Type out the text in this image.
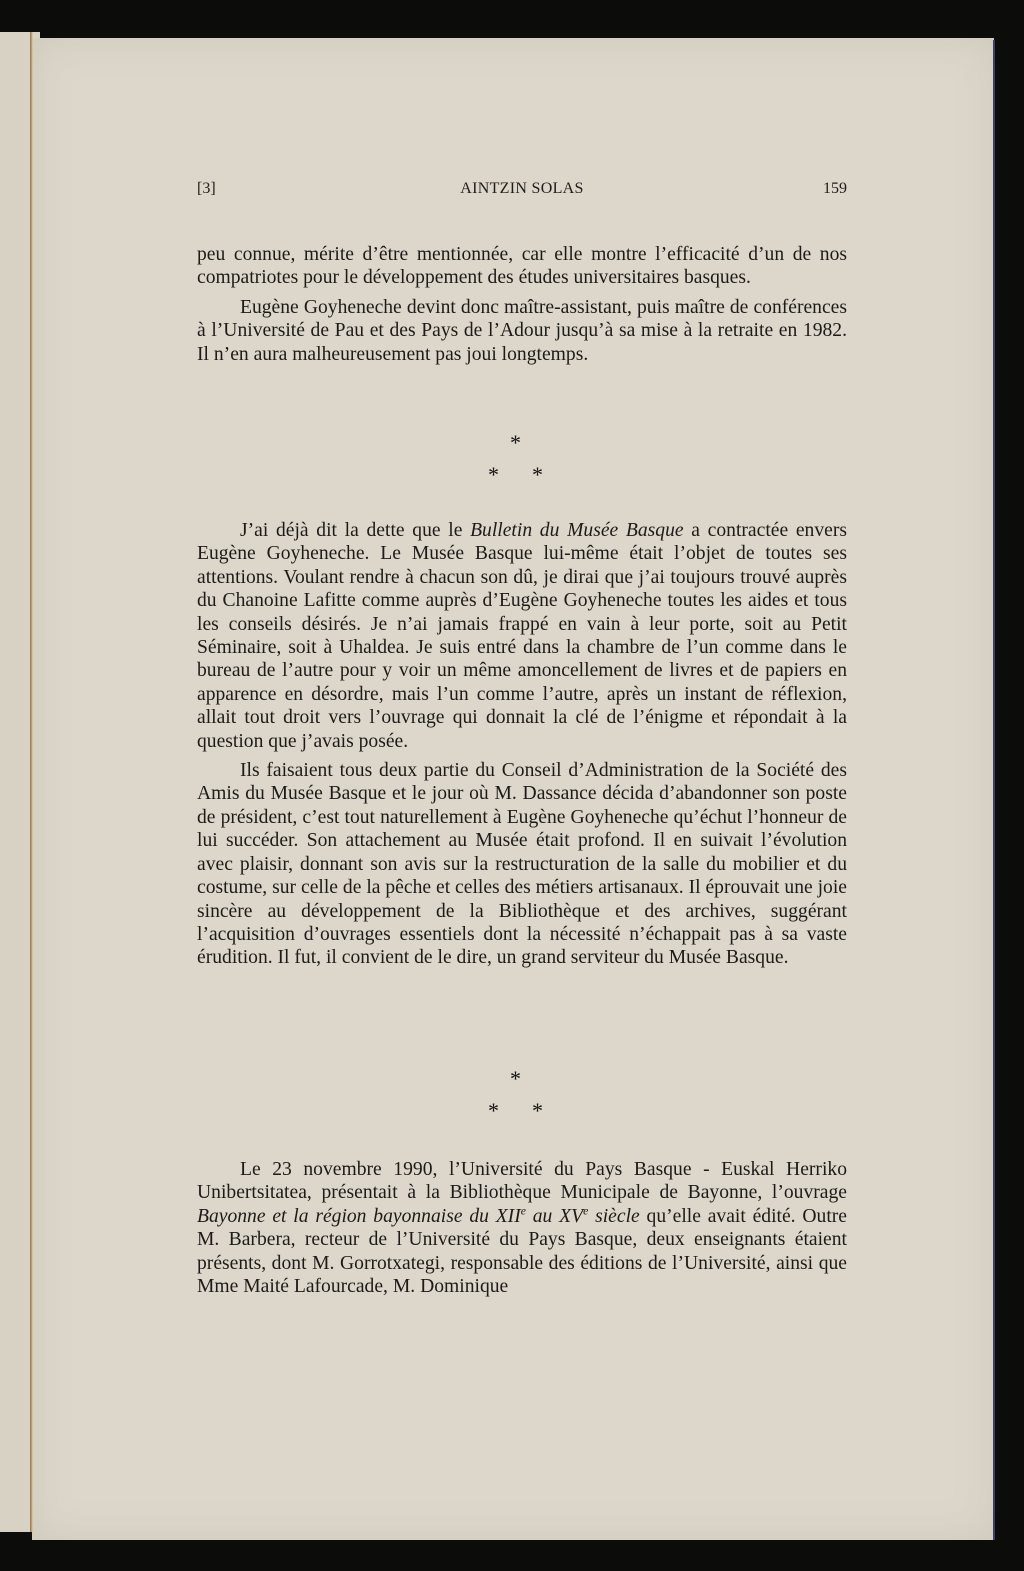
[3]	AINTZIN SOLAS	159

peu connue, mérite d’être mentionnée, car elle montre l’efficacité d’un de nos compatriotes pour le développement des études universitaires basques.

Eugène Goyheneche devint donc maître-assistant, puis maître de conférences à l’Université de Pau et des Pays de l’Adour jusqu’à sa mise à la retraite en 1982. Il n’en aura malheureusement pas joui longtemps.

*
* *

J’ai déjà dit la dette que le Bulletin du Musée Basque a contractée envers Eugène Goyheneche. Le Musée Basque lui-même était l’objet de toutes ses attentions. Voulant rendre à chacun son dû, je dirai que j’ai toujours trouvé auprès du Chanoine Lafitte comme auprès d’Eugène Goyheneche toutes les aides et tous les conseils désirés. Je n’ai jamais frappé en vain à leur porte, soit au Petit Séminaire, soit à Uhaldea. Je suis entré dans la chambre de l’un comme dans le bureau de l’autre pour y voir un même amoncellement de livres et de papiers en apparence en désordre, mais l’un comme l’autre, après un instant de réflexion, allait tout droit vers l’ouvrage qui donnait la clé de l’énigme et répondait à la question que j’avais posée.

Ils faisaient tous deux partie du Conseil d’Administration de la Société des Amis du Musée Basque et le jour où M. Dassance décida d’abandonner son poste de président, c’est tout naturellement à Eugène Goyheneche qu’échut l’honneur de lui succéder. Son attachement au Musée était profond. Il en suivait l’évolution avec plaisir, donnant son avis sur la restructuration de la salle du mobilier et du costume, sur celle de la pêche et celles des métiers artisanaux. Il éprouvait une joie sincère au développement de la Bibliothèque et des archives, suggérant l’acquisition d’ouvrages essentiels dont la nécessité n’échappait pas à sa vaste érudition. Il fut, il convient de le dire, un grand serviteur du Musée Basque.

*
* *

Le 23 novembre 1990, l’Université du Pays Basque - Euskal Herriko Unibertsitatea, présentait à la Bibliothèque Municipale de Bayonne, l’ouvrage Bayonne et la région bayonnaise du XIIe au XVe siècle qu’elle avait édité. Outre M. Barbera, recteur de l’Université du Pays Basque, deux enseignants étaient présents, dont M. Gorrotxategi, responsable des éditions de l’Université, ainsi que Mme Maité Lafourcade, M. Dominique
